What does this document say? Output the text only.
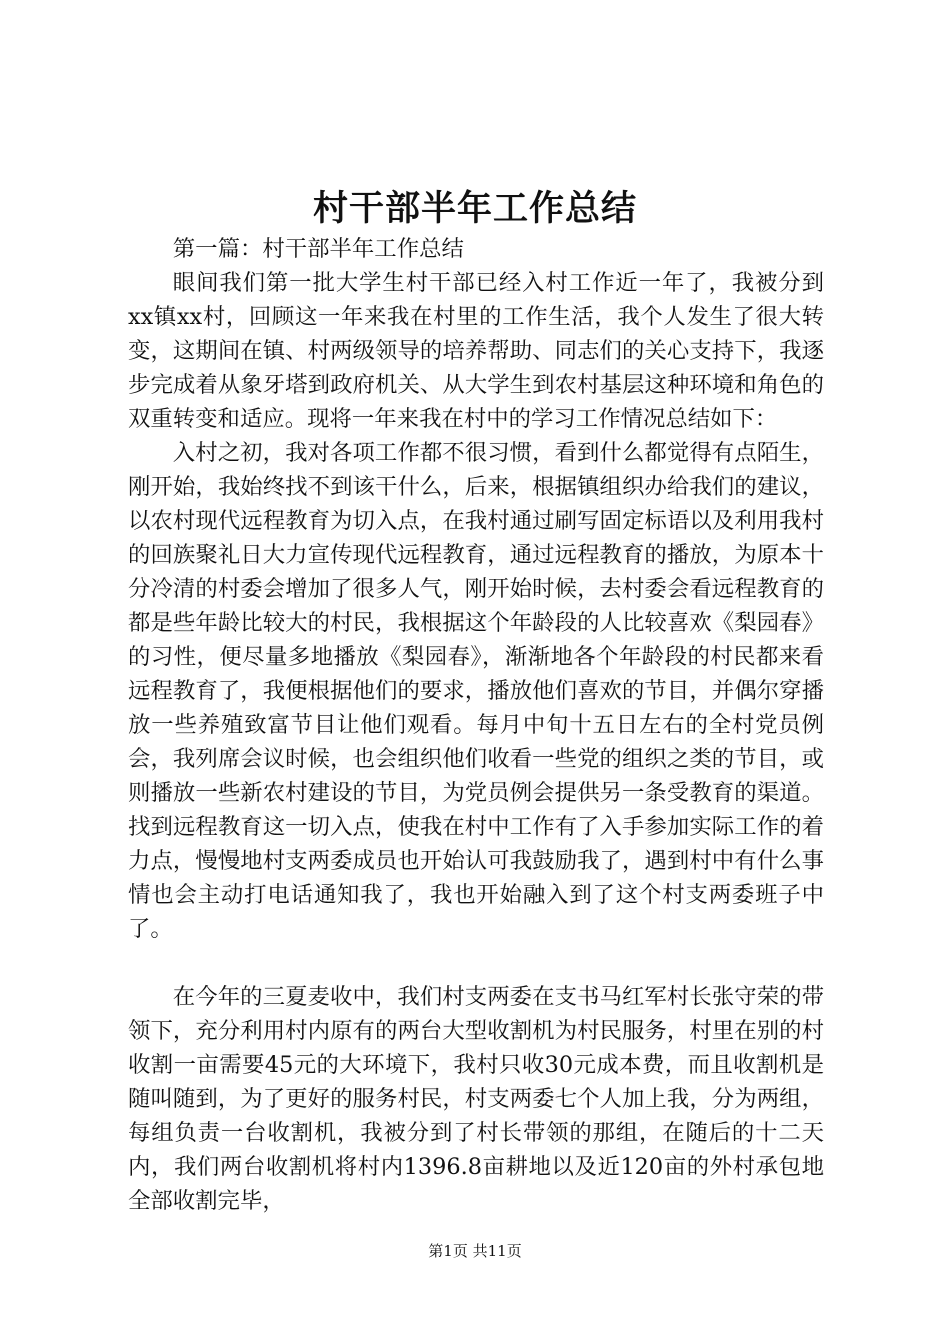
村干部半年工作总结

第一篇：村干部半年工作总结

眼间我们第一批大学生村干部已经入村工作近一年了，我被分到xx镇xx村，回顾这一年来我在村里的工作生活，我个人发生了很大转变，这期间在镇、村两级领导的培养帮助、同志们的关心支持下，我逐步完成着从象牙塔到政府机关、从大学生到农村基层这种环境和角色的双重转变和适应。现将一年来我在村中的学习工作情况总结如下：

入村之初，我对各项工作都不很习惯，看到什么都觉得有点陌生，刚开始，我始终找不到该干什么，后来，根据镇组织办给我们的建议，以农村现代远程教育为切入点，在我村通过刷写固定标语以及利用我村的回族聚礼日大力宣传现代远程教育，通过远程教育的播放，为原本十分冷清的村委会增加了很多人气，刚开始时候，去村委会看远程教育的都是些年龄比较大的村民，我根据这个年龄段的人比较喜欢《梨园春》的习性，便尽量多地播放《梨园春》，渐渐地各个年龄段的村民都来看远程教育了，我便根据他们的要求，播放他们喜欢的节目，并偶尔穿播放一些养殖致富节目让他们观看。每月中旬十五日左右的全村党员例会，我列席会议时候，也会组织他们收看一些党的组织之类的节目，或则播放一些新农村建设的节目，为党员例会提供另一条受教育的渠道。找到远程教育这一切入点，使我在村中工作有了入手参加实际工作的着力点，慢慢地村支两委成员也开始认可我鼓励我了，遇到村中有什么事情也会主动打电话通知我了，我也开始融入到了这个村支两委班子中了。

在今年的三夏麦收中，我们村支两委在支书马红军村长张守荣的带领下，充分利用村内原有的两台大型收割机为村民服务，村里在别的村收割一亩需要45元的大环境下，我村只收30元成本费，而且收割机是随叫随到，为了更好的服务村民，村支两委七个人加上我，分为两组，每组负责一台收割机，我被分到了村长带领的那组，在随后的十二天内，我们两台收割机将村内1396.8亩耕地以及近120亩的外村承包地全部收割完毕，

第1页 共11页
